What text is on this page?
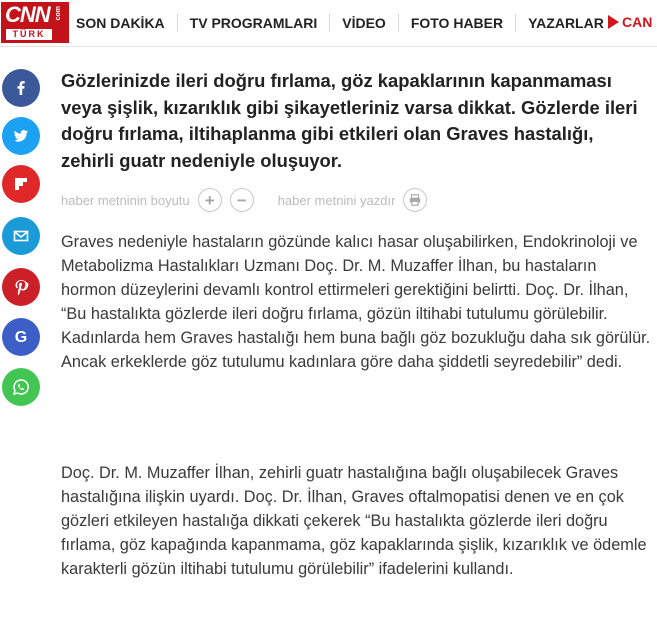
CNN com
TÜRK
SON DAKİKA	TV PROGRAMLARI	VİDEO	FOTO HABER	YAZARLAR	CAN
G
Gözlerinizde ileri doğru fırlama, göz kapaklarının kapanmaması veya şişlik, kızarıklık gibi şikayetleriniz varsa dikkat. Gözlerde ileri doğru fırlama, iltihaplanma gibi etkileri olan Graves hastalığı, zehirli guatr nedeniyle oluşuyor.
haber metninin boyutu +	−	haber metnini yazdır

Graves nedeniyle hastaların gözünde kalıcı hasar oluşabilirken, Endokrinoloji ve Metabolizma Hastalıkları Uzmanı Doç. Dr. M. Muzaffer İlhan, bu hastaların hormon düzeylerini devamlı kontrol ettirmeleri gerektiğini belirtti. Doç. Dr. İlhan, “Bu hastalıkta gözlerde ileri doğru fırlama, gözün iltihabi tutulumu görülebilir. Kadınlarda hem Graves hastalığı hem buna bağlı göz bozukluğu daha sık görülür. Ancak erkeklerde göz tutulumu kadınlara göre daha şiddetli seyredebilir” dedi.

Doç. Dr. M. Muzaffer İlhan, zehirli guatr hastalığına bağlı oluşabilecek Graves hastalığına ilişkin uyardı. Doç. Dr. İlhan, Graves oftalmopatisi denen ve en çok gözleri etkileyen hastalığa dikkati çekerek “Bu hastalıkta gözlerde ileri doğru fırlama, göz kapağında kapanmama, göz kapaklarında şişlik, kızarıklık ve ödemle karakterli gözün iltihabi tutulumu görülebilir” ifadelerini kullandı.
